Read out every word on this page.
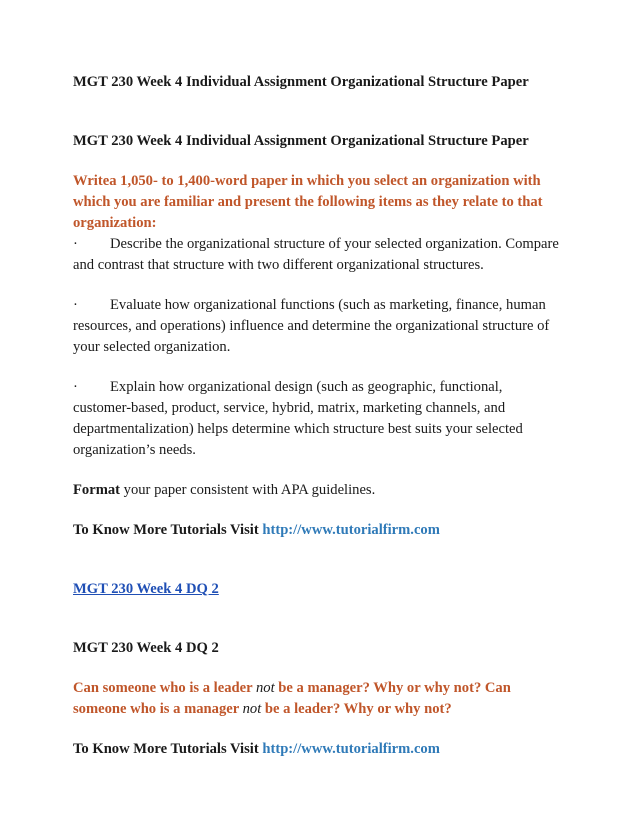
MGT 230 Week 4 Individual Assignment Organizational Structure Paper

MGT 230 Week 4 Individual Assignment Organizational Structure Paper

Writea 1,050- to 1,400-word paper in which you select an organization with
which you are familiar and present the following items as they relate to that
organization:

· Describe the organizational structure of your selected organization. Compare

and contrast that structure with two different organizational structures.

· Evaluate how organizational functions (such as marketing, finance, human

resources, and operations) influence and determine the organizational structure of

your selected organization.

· Explain how organizational design (such as geographic, functional,

customer-based, product, service, hybrid, matrix, marketing channels, and

departmentalization) helps determine which structure best suits your selected

organization’s needs.

Format your paper consistent with APA guidelines.

To Know More Tutorials Visit http://www.tutorialfirm.com

MGT 230 Week 4 DQ 2

MGT 230 Week 4 DQ 2

Can someone who is a leader not be a manager? Why or why not? Can

someone who is a manager not be a leader? Why or why not?

To Know More Tutorials Visit http://www.tutorialfirm.com
